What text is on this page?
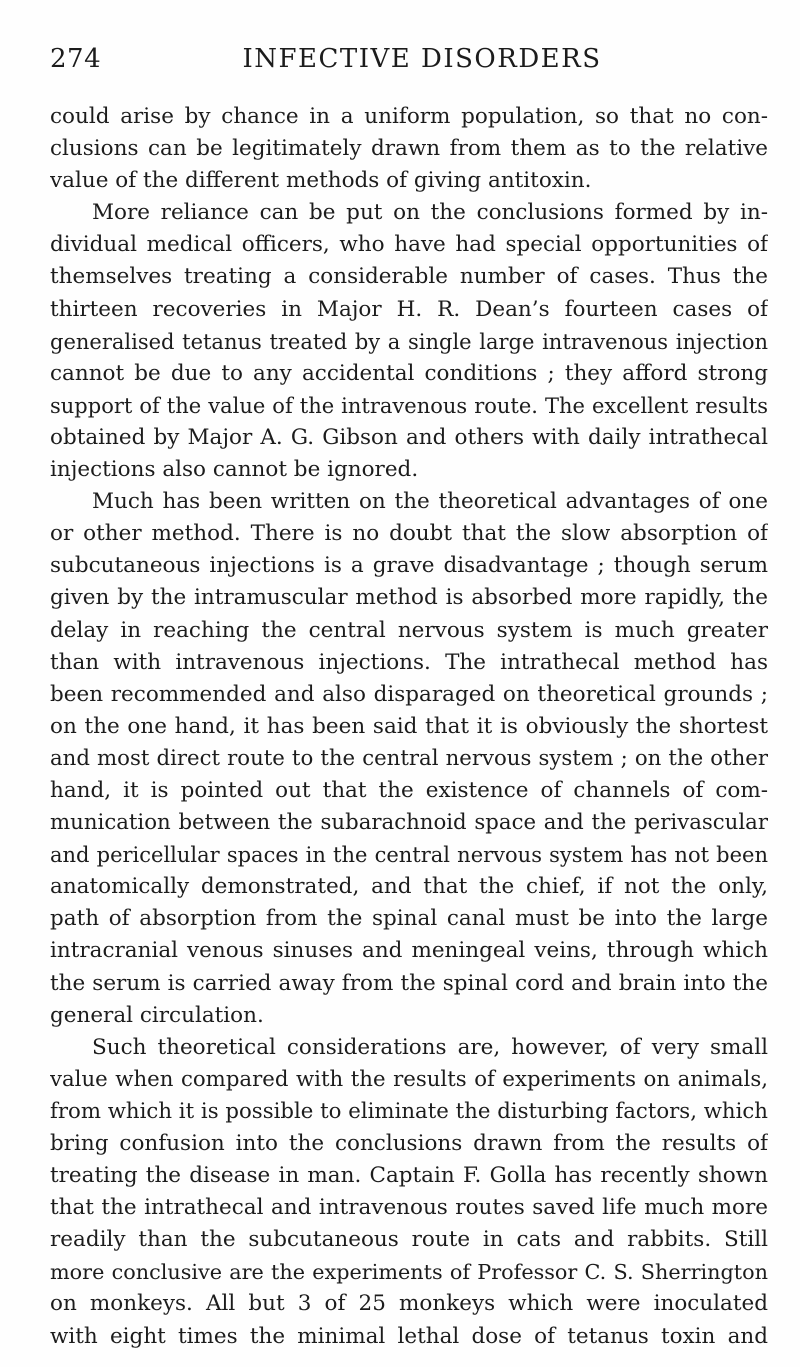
274	INFECTIVE DISORDERS
could arise by chance in a uniform population, so that no con-
clusions can be legitimately drawn from them as to the relative
value of the different methods of giving antitoxin.
More reliance can be put on the conclusions formed by in-
dividual medical officers, who have had special opportunities of
themselves treating a considerable number of cases. Thus the
thirteen recoveries in Major H. R. Dean’s fourteen cases of
generalised tetanus treated by a single large intravenous injection
cannot be due to any accidental conditions ; they afford strong
support of the value of the intravenous route. The excellent results
obtained by Major A. G. Gibson and others with daily intrathecal
injections also cannot be ignored.
Much has been written on the theoretical advantages of one
or other method. There is no doubt that the slow absorption of
subcutaneous injections is a grave disadvantage ; though serum
given by the intramuscular method is absorbed more rapidly, the
delay in reaching the central nervous system is much greater
than with intravenous injections. The intrathecal method has
been recommended and also disparaged on theoretical grounds ;
on the one hand, it has been said that it is obviously the shortest
and most direct route to the central nervous system ; on the other
hand, it is pointed out that the existence of channels of com-
munication between the subarachnoid space and the perivascular
and pericellular spaces in the central nervous system has not been
anatomically demonstrated, and that the chief, if not the only,
path of absorption from the spinal canal must be into the large
intracranial venous sinuses and meningeal veins, through which
the serum is carried away from the spinal cord and brain into the
general circulation.
Such theoretical considerations are, however, of very small
value when compared with the results of experiments on animals,
from which it is possible to eliminate the disturbing factors, which
bring confusion into the conclusions drawn from the results of
treating the disease in man. Captain F. Golla has recently shown
that the intrathecal and intravenous routes saved life much more
readily than the subcutaneous route in cats and rabbits. Still
more conclusive are the experiments of Professor C. S. Sherrington
on monkeys. All but 3 of 25 monkeys which were inoculated
with eight times the minimal lethal dose of tetanus toxin and
